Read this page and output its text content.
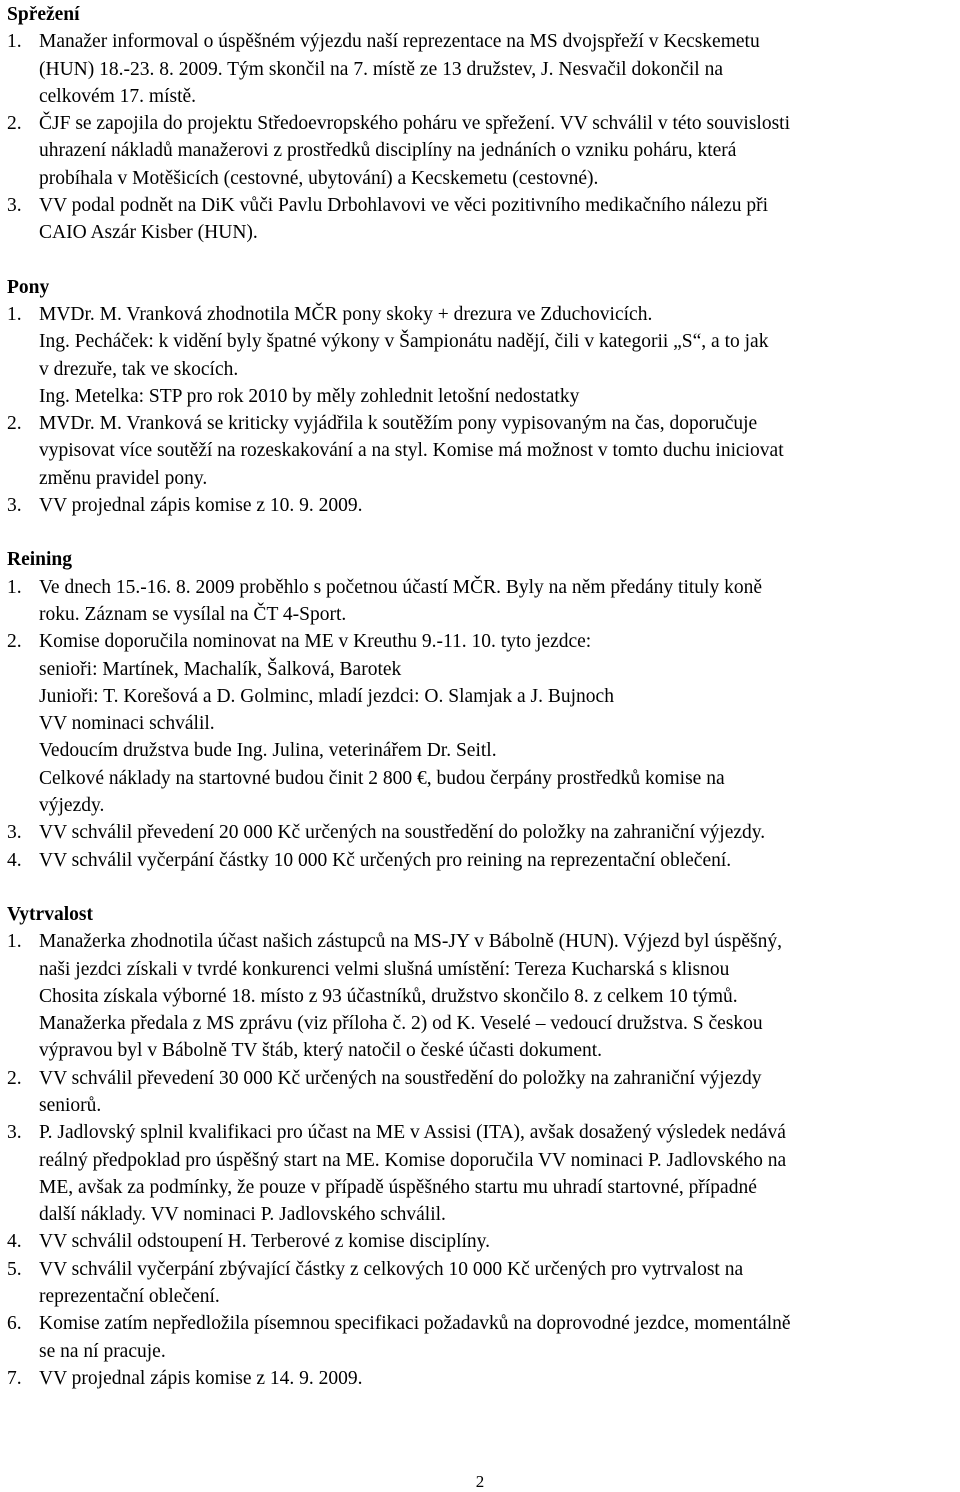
Spřežení
1. Manažer informoval o úspěšném výjezdu naší reprezentace na MS dvojspřeží v Kecskemetu
(HUN) 18.-23. 8. 2009. Tým skončil na 7. místě ze 13 družstev, J. Nesvačil dokončil na
celkovém 17. místě.
2. ČJF se zapojila do projektu Středoevropského poháru ve spřežení. VV schválil v této souvislosti
uhrazení nákladů manažerovi z prostředků disciplíny na jednáních o vzniku poháru, která
probíhala v Motěšicích (cestovné, ubytování) a Kecskemetu (cestovné).
3. VV podal podnět na DiK vůči Pavlu Drbohlavovi ve věci pozitivního medikačního nálezu při
CAIO Aszár Kisber (HUN).
Pony
1. MVDr. M. Vranková zhodnotila MČR pony skoky + drezura ve Zduchovicích.
Ing. Pecháček: k vidění byly špatné výkony v Šampionátu nadějí, čili v kategorii „S“, a to jak
v drezuře, tak ve skocích.
Ing. Metelka: STP pro rok 2010 by měly zohlednit letošní nedostatky
2. MVDr. M. Vranková se kriticky vyjádřila k soutěžím pony vypisovaným na čas, doporučuje
vypisovat více soutěží na rozeskakování a na styl. Komise má možnost v tomto duchu iniciovat
změnu pravidel pony.
3. VV projednal zápis komise z 10. 9. 2009.
Reining
1. Ve dnech 15.-16. 8. 2009 proběhlo s početnou účastí MČR. Byly na něm předány tituly koně
roku. Záznam se vysílal na ČT 4-Sport.
2. Komise doporučila nominovat na ME v Kreuthu 9.-11. 10. tyto jezdce:
senioři: Martínek, Machalík, Šalková, Barotek
Junioři: T. Korešová a D. Golminc, mladí jezdci: O. Slamjak a J. Bujnoch
VV nominaci schválil.
Vedoucím družstva bude Ing. Julina, veterinářem Dr. Seitl.
Celkové náklady na startovné budou činit 2 800 €, budou čerpány prostředků komise na
výjezdy.
3. VV schválil převedení 20 000 Kč určených na soustředění do položky na zahraniční výjezdy.
4. VV schválil vyčerpání částky 10 000 Kč určených pro reining na reprezentační oblečení.
Vytrvalost
1. Manažerka zhodnotila účast našich zástupců na MS-JY v Bábolně (HUN). Výjezd byl úspěšný,
naši jezdci získali v tvrdé konkurenci velmi slušná umístění: Tereza Kucharská s klisnou
Chosita získala výborné 18. místo z 93 účastníků, družstvo skončilo 8. z celkem 10 týmů.
Manažerka předala z MS zprávu (viz příloha č. 2) od K. Veselé – vedoucí družstva. S českou
výpravou byl v Bábolně TV štáb, který natočil o české účasti dokument.
2. VV schválil převedení 30 000 Kč určených na soustředění do položky na zahraniční výjezdy
seniorů.
3. P. Jadlovský splnil kvalifikaci pro účast na ME v Assisi (ITA), avšak dosažený výsledek nedává
reálný předpoklad pro úspěšný start na ME. Komise doporučila VV nominaci P. Jadlovského na
ME, avšak za podmínky, že pouze v případě úspěšného startu mu uhradí startovné, případné
další náklady. VV nominaci P. Jadlovského schválil.
4. VV schválil odstoupení H. Terberové z komise disciplíny.
5. VV schválil vyčerpání zbývající částky z celkových 10 000 Kč určených pro vytrvalost na
reprezentační oblečení.
6. Komise zatím nepředložila písemnou specifikaci požadavků na doprovodné jezdce, momentálně
se na ní pracuje.
7. VV projednal zápis komise z 14. 9. 2009.
2
